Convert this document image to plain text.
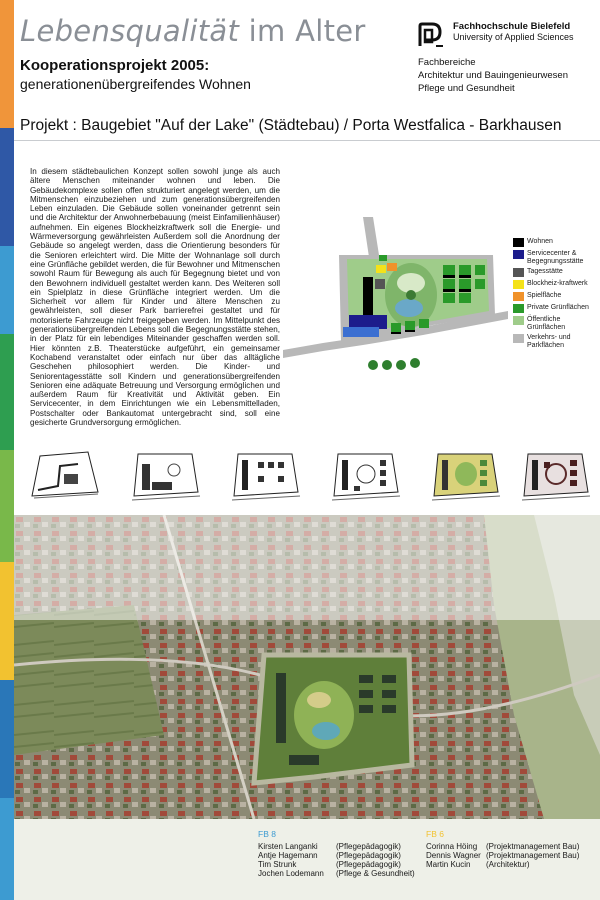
Lebensqualität im Alter
Kooperationsprojekt 2005:
generationenübergreifendes Wohnen
Fachhochschule Bielefeld
University of Applied Sciences
Fachbereiche
Architektur und Bauingenieurwesen
Pflege und Gesundheit
Projekt : Baugebiet "Auf der Lake" (Städtebau) / Porta Westfalica - Barkhausen
In diesem städtebaulichen Konzept sollen sowohl junge als auch ältere Menschen miteinander wohnen und leben. Die Gebäudekomplexe sollen offen strukturiert angelegt werden, um die Mitmenschen einzubeziehen und zum generationsübergreifenden Leben einzuladen. Die Gebäude sollen voneinander getrennt sein und die Architektur der Anwohnerbebauung (meist Einfamilienhäuser) aufnehmen. Ein eigenes Blockheizkraftwerk soll die Energie- und Wärmeversorgung gewährleisten Außerdem soll die Anordnung der Gebäude so angelegt werden, dass die Orientierung besonders für die Senioren erleichtert wird. Die Mitte der Wohnanlage soll durch eine Grünfläche gebildet werden, die für Bewohner und Mitmenschen sowohl Raum für Bewegung als auch für Begegnung bietet und von den Bewohnern individuell gestaltet werden kann. Des Weiteren soll ein Spielplatz in diese Grünfläche integriert werden. Um die Sicherheit vor allem für Kinder und ältere Menschen zu gewährleisten, soll dieser Park barrierefrei gestaltet und für motorisierte Fahrzeuge nicht freigegeben werden. Im Mittelpunkt des generationsübergreifenden Lebens soll die Begegnungsstätte stehen, in der Platz für ein lebendiges Miteinander geschaffen werden soll. Hier könnten z.B. Theaterstücke aufgeführt, ein gemeinsamer Kochabend veranstaltet oder einfach nur über das alltägliche Geschehen philosophiert werden. Die Kinder- und Seniorentagesstätte soll Kindern und generationsübergreifenden Senioren eine adäquate Betreuung und Versorgung ermöglichen und außerdem Raum für Kreativität und Aktivität geben. Ein Servicecenter, in dem Einrichtungen wie ein Lebensmittelladen, Postschalter oder Bankautomat untergebracht sind, soll eine gesicherte Grundversorgung ermöglichen.
Wohnen
Servicecenter & Begegnungsstätte
Tagesstätte
Blockheiz-kraftwerk
Spielfläche
Private Grünflächen
Öffentliche Grünflächen
Verkehrs- und Parkflächen
FB 8	FB 6
Kirsten Langanki
Antje Hagemann
Tim Strunk
Jochen Lodemann
(Pflegepädagogik)
(Pflegepädagogik)
(Pflegepädagogik)
(Pflege & Gesundheit)
Corinna Höing
Dennis Wagner
Martin Kucin
(Projektmanagement Bau)
(Projektmanagement Bau)
(Architektur)
